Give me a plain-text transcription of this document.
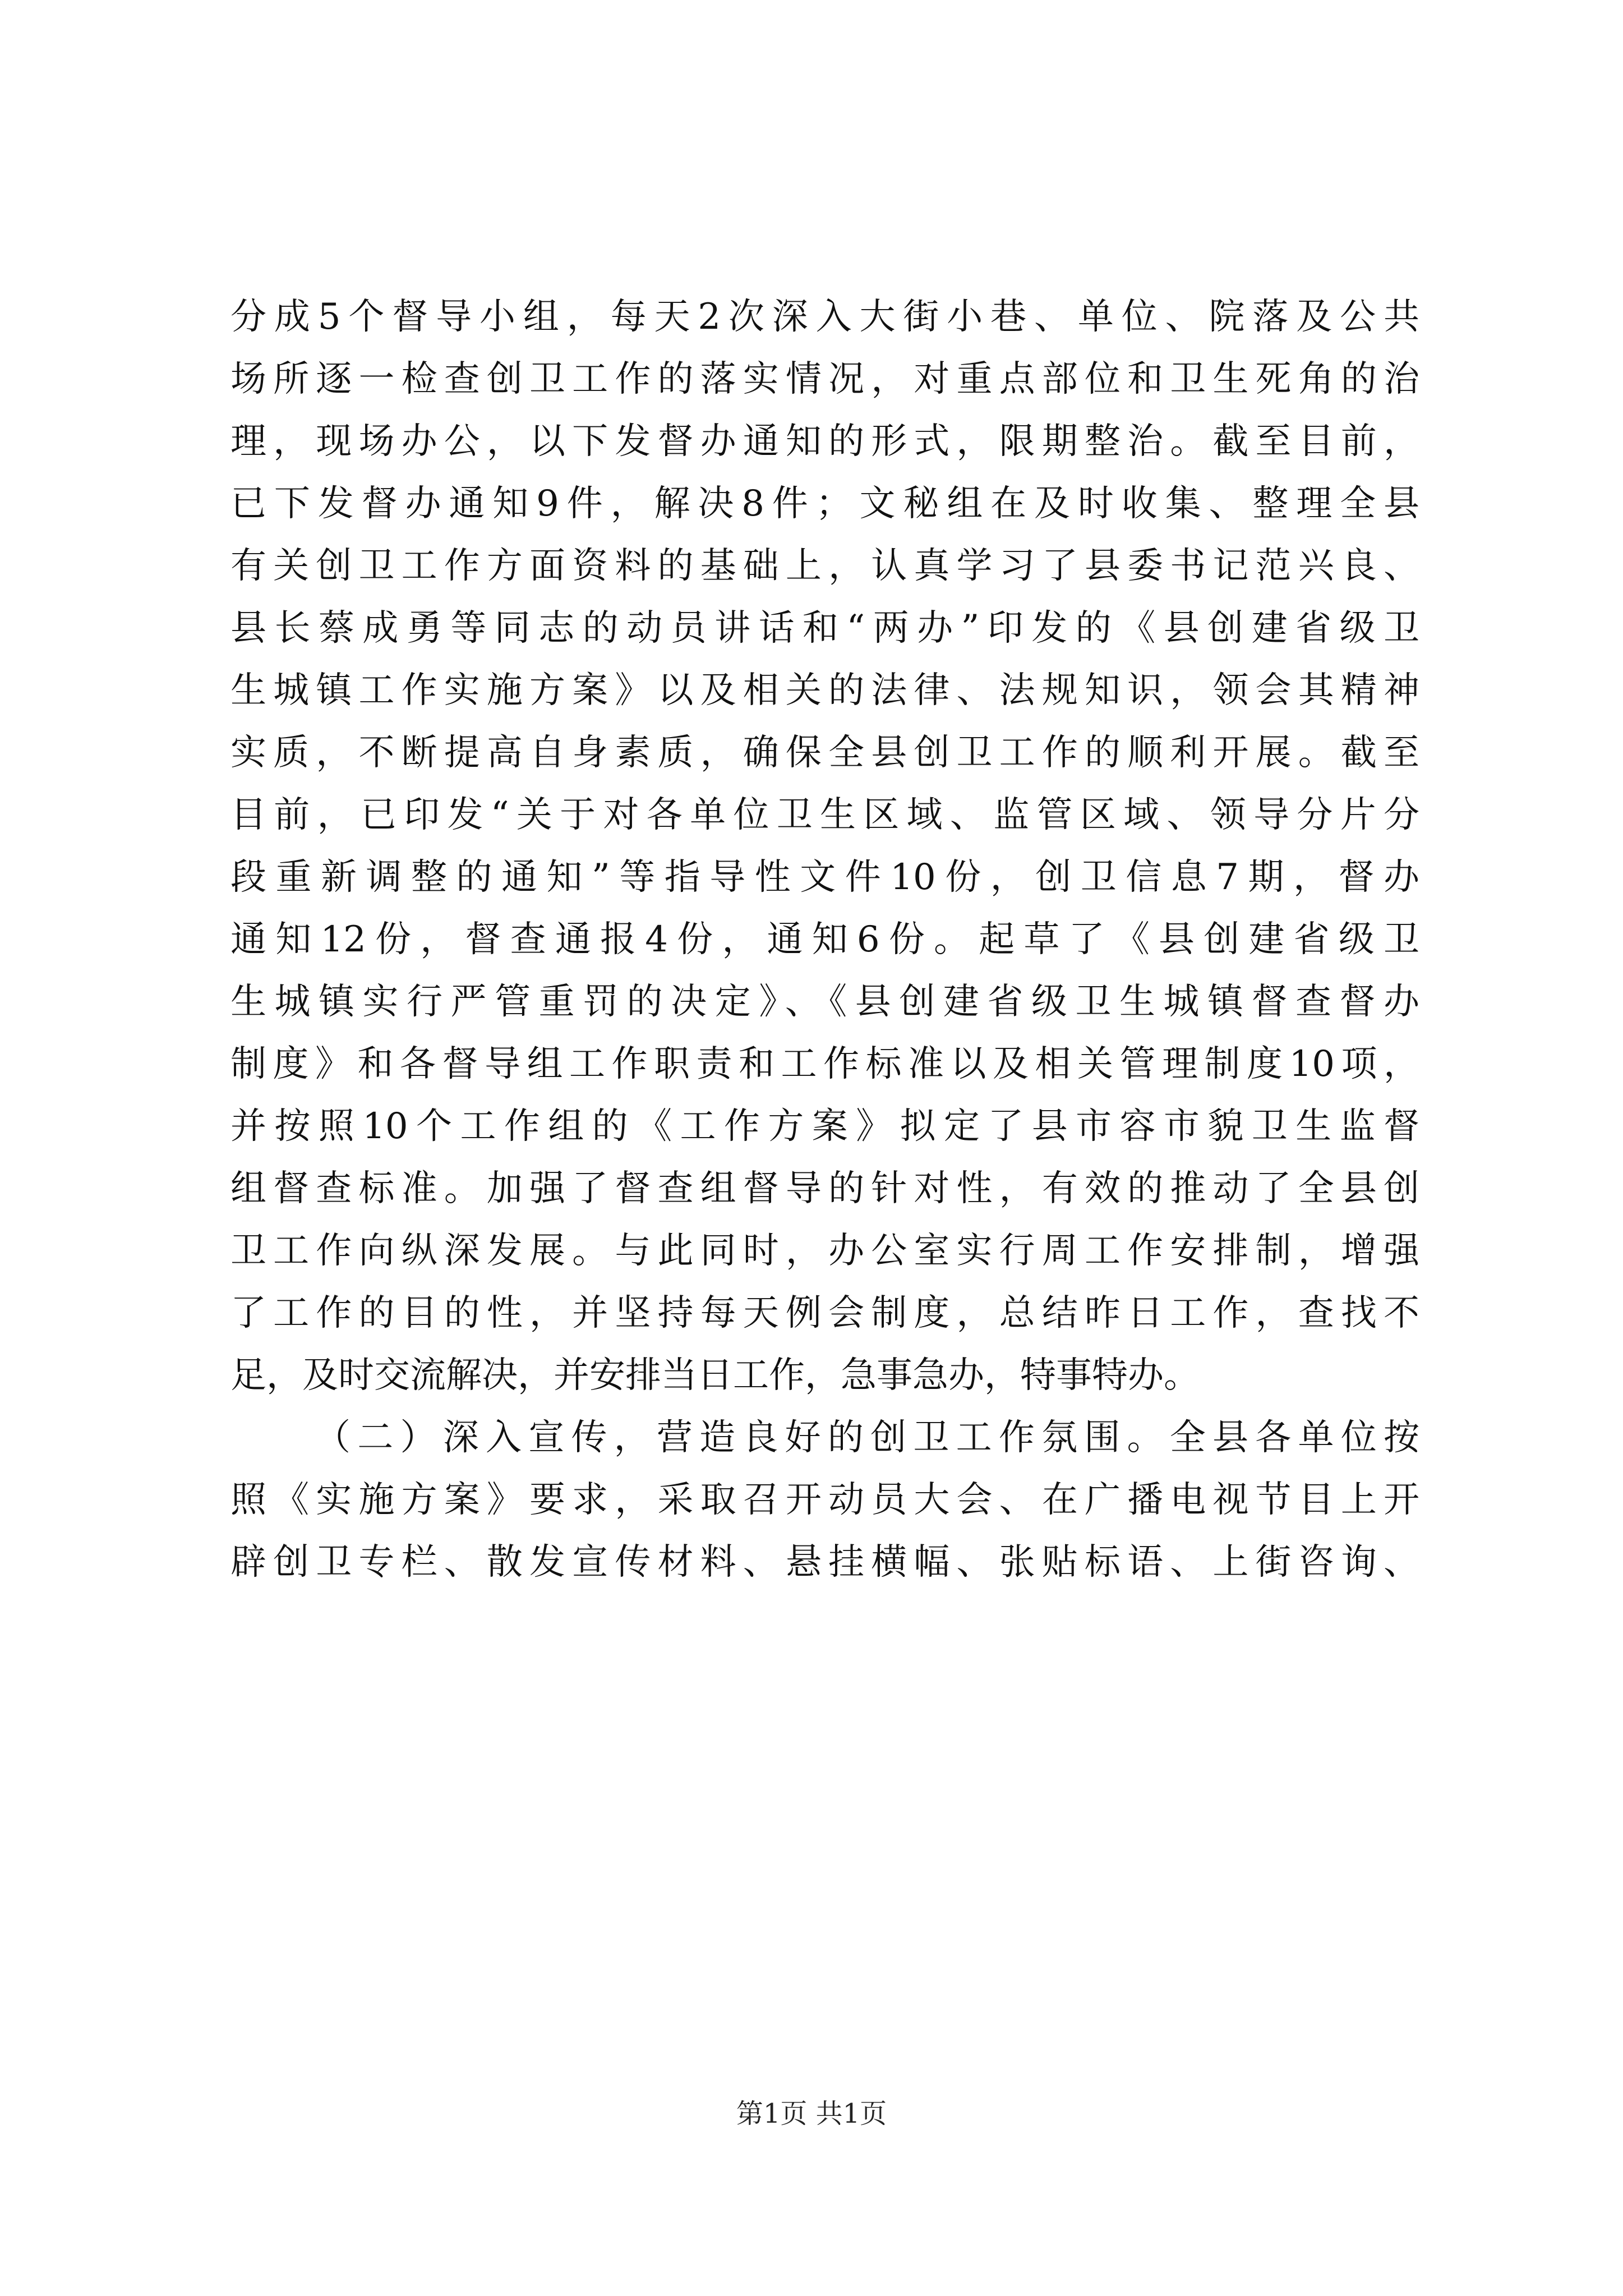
分成5个督导小组，每天2次深入大街小巷、单位、院落及公共
场所逐一检查创卫工作的落实情况，对重点部位和卫生死角的治
理，现场办公，以下发督办通知的形式，限期整治。截至目前，
已下发督办通知9件，解决8件；文秘组在及时收集、整理全县
有关创卫工作方面资料的基础上，认真学习了县委书记范兴良、
县长蔡成勇等同志的动员讲话和“两办”印发的《县创建省级卫
生城镇工作实施方案》以及相关的法律、法规知识，领会其精神
实质，不断提高自身素质，确保全县创卫工作的顺利开展。截至
目前，已印发“关于对各单位卫生区域、监管区域、领导分片分
段重新调整的通知”等指导性文件10份，创卫信息7期，督办
通知12份，督查通报4份，通知6份。起草了《县创建省级卫
生城镇实行严管重罚的决定》、《县创建省级卫生城镇督查督办
制度》和各督导组工作职责和工作标准以及相关管理制度10项，
并按照10个工作组的《工作方案》拟定了县市容市貌卫生监督
组督查标准。加强了督查组督导的针对性，有效的推动了全县创
卫工作向纵深发展。与此同时，办公室实行周工作安排制，增强
了工作的目的性，并坚持每天例会制度，总结昨日工作，查找不
足，及时交流解决，并安排当日工作，急事急办，特事特办。
（二）深入宣传，营造良好的创卫工作氛围。全县各单位按
照《实施方案》要求，采取召开动员大会、在广播电视节目上开
辟创卫专栏、散发宣传材料、悬挂横幅、张贴标语、上街咨询、
第1页 共1页
